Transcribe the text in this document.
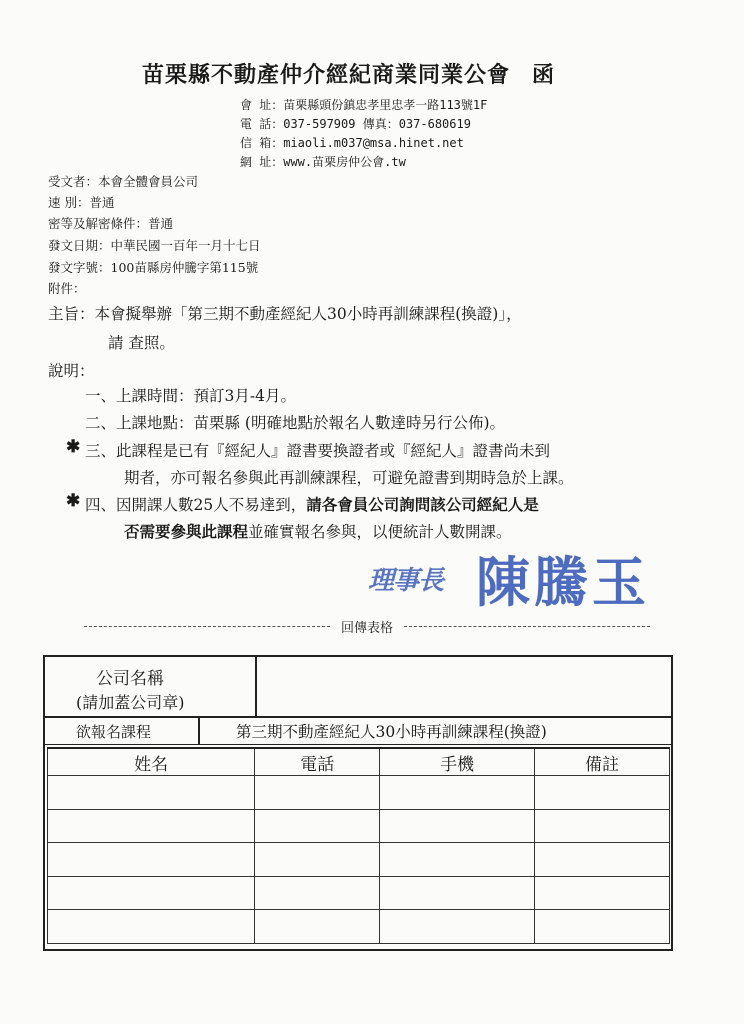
苗栗縣不動產仲介經紀商業同業公會 函
會 址：苗栗縣頭份鎮忠孝里忠孝一路113號1F
電 話：037-597909 傳真：037-680619
信 箱：miaoli.m037@msa.hinet.net
網 址：www.苗栗房仲公會.tw
受文者：本會全體會員公司
速 別：普通
密等及解密條件：普通
發文日期：中華民國一百年一月十七日
發文字號：100苗縣房仲騰字第115號
附件：
主旨：本會擬舉辦「第三期不動產經紀人30小時再訓練課程(換證)」，
請 查照。
說明：
一、上課時間：預訂3月-4月。
二、上課地點：苗栗縣 (明確地點於報名人數達時另行公佈)。
✱ 三、此課程是已有『經紀人』證書要換證者或『經紀人』證書尚未到
期者，亦可報名參與此再訓練課程，可避免證書到期時急於上課。
✱ 四、因開課人數25人不易達到，請各會員公司詢問該公司經紀人是
否需要參與此課程並確實報名參與，以便統計人數開課。
理事長 陳騰玉
回傳表格
公司名稱
(請加蓋公司章)
欲報名課程	第三期不動產經紀人30小時再訓練課程(換證)
姓名	電話	手機	備註
